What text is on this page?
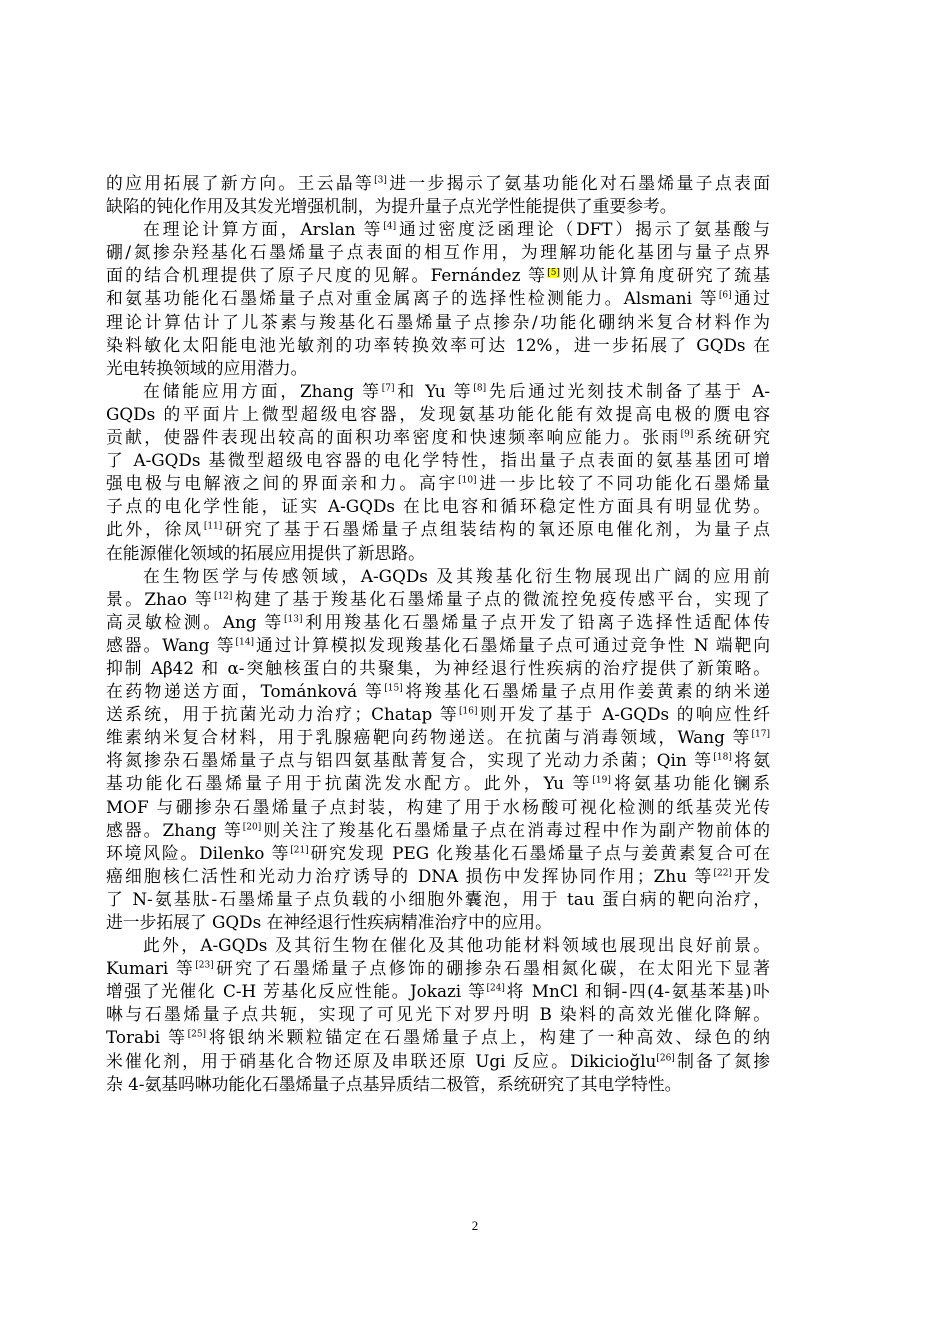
的应用拓展了新方向。王云晶等[3]进一步揭示了氨基功能化对石墨烯量子点表面
缺陷的钝化作用及其发光增强机制，为提升量子点光学性能提供了重要参考。
在理论计算方面，Arslan 等[4]通过密度泛函理论（DFT）揭示了氨基酸与
硼/氮掺杂羟基化石墨烯量子点表面的相互作用，为理解功能化基团与量子点界
面的结合机理提供了原子尺度的见解。Fernández 等[5]则从计算角度研究了巯基
和氨基功能化石墨烯量子点对重金属离子的选择性检测能力。Alsmani 等[6]通过
理论计算估计了儿茶素与羧基化石墨烯量子点掺杂/功能化硼纳米复合材料作为
染料敏化太阳能电池光敏剂的功率转换效率可达 12%，进一步拓展了 GQDs 在
光电转换领域的应用潜力。
在储能应用方面，Zhang 等[7]和 Yu 等[8]先后通过光刻技术制备了基于 A-
GQDs 的平面片上微型超级电容器，发现氨基功能化能有效提高电极的赝电容
贡献，使器件表现出较高的面积功率密度和快速频率响应能力。张雨[9]系统研究
了 A-GQDs 基微型超级电容器的电化学特性，指出量子点表面的氨基基团可增
强电极与电解液之间的界面亲和力。高宇[10]进一步比较了不同功能化石墨烯量
子点的电化学性能，证实 A-GQDs 在比电容和循环稳定性方面具有明显优势。
此外，徐凤[11]研究了基于石墨烯量子点组装结构的氧还原电催化剂，为量子点
在能源催化领域的拓展应用提供了新思路。
在生物医学与传感领域，A-GQDs 及其羧基化衍生物展现出广阔的应用前
景。Zhao 等[12]构建了基于羧基化石墨烯量子点的微流控免疫传感平台，实现了
高灵敏检测。Ang 等[13]利用羧基化石墨烯量子点开发了铅离子选择性适配体传
感器。Wang 等[14]通过计算模拟发现羧基化石墨烯量子点可通过竞争性 N 端靶向
抑制 Aβ42 和 α-突触核蛋白的共聚集，为神经退行性疾病的治疗提供了新策略。
在药物递送方面，Tománková 等[15]将羧基化石墨烯量子点用作姜黄素的纳米递
送系统，用于抗菌光动力治疗；Chatap 等[16]则开发了基于 A-GQDs 的响应性纤
维素纳米复合材料，用于乳腺癌靶向药物递送。在抗菌与消毒领域，Wang 等[17]
将氮掺杂石墨烯量子点与铝四氨基酞菁复合，实现了光动力杀菌；Qin 等[18]将氨
基功能化石墨烯量子用于抗菌洗发水配方。此外，Yu 等[19]将氨基功能化镧系
MOF 与硼掺杂石墨烯量子点封装，构建了用于水杨酸可视化检测的纸基荧光传
感器。Zhang 等[20]则关注了羧基化石墨烯量子点在消毒过程中作为副产物前体的
环境风险。Dilenko 等[21]研究发现 PEG 化羧基化石墨烯量子点与姜黄素复合可在
癌细胞核仁活性和光动力治疗诱导的 DNA 损伤中发挥协同作用；Zhu 等[22]开发
了 N-氨基肽-石墨烯量子点负载的小细胞外囊泡，用于 tau 蛋白病的靶向治疗，
进一步拓展了 GQDs 在神经退行性疾病精准治疗中的应用。
此外，A-GQDs 及其衍生物在催化及其他功能材料领域也展现出良好前景。
Kumari 等[23]研究了石墨烯量子点修饰的硼掺杂石墨相氮化碳，在太阳光下显著
增强了光催化 C-H 芳基化反应性能。Jokazi 等[24]将 MnCl 和铜-四(4-氨基苯基)卟
啉与石墨烯量子点共轭，实现了可见光下对罗丹明 B 染料的高效光催化降解。
Torabi 等[25]将银纳米颗粒锚定在石墨烯量子点上，构建了一种高效、绿色的纳
米催化剂，用于硝基化合物还原及串联还原 Ugi 反应。Dikicioğlu[26]制备了氮掺
杂 4-氨基吗啉功能化石墨烯量子点基异质结二极管，系统研究了其电学特性。
2
